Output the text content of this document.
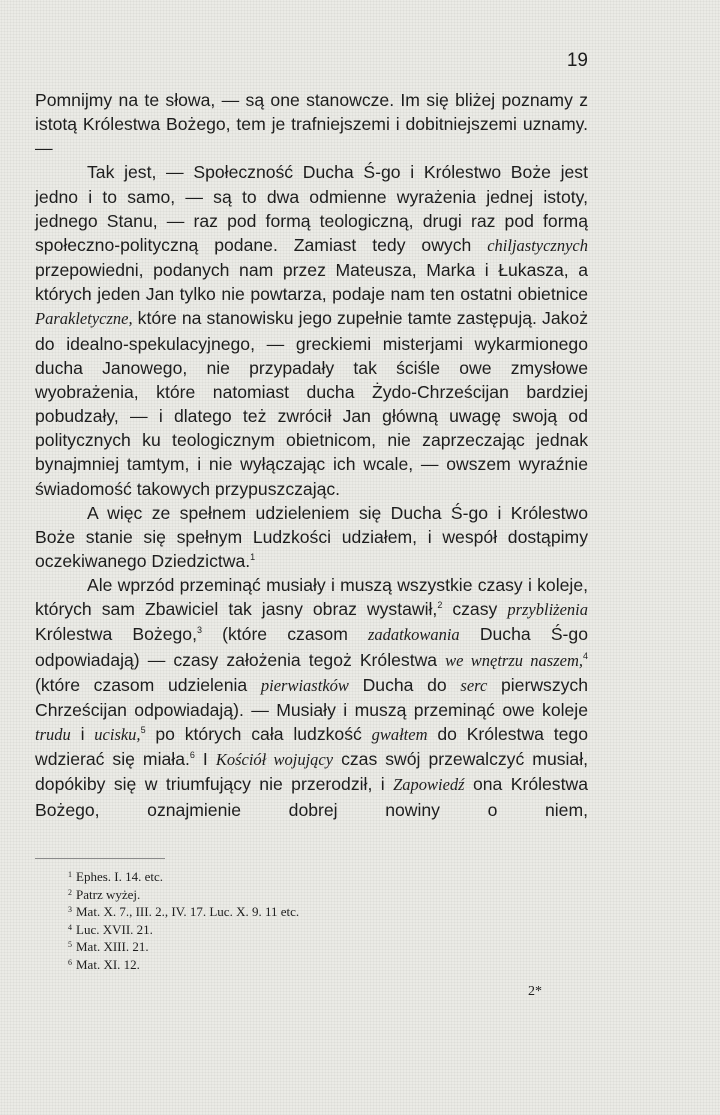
19

Pomnijmy na te słowa, — są one stanowcze. Im się bliżej poznamy z istotą Królestwa Bożego, tem je trafniejszemi i dobitniejszemi uznamy. —

Tak jest, — Społeczność Ducha Ś-go i Królestwo Boże jest jedno i to samo, — są to dwa odmienne wyrażenia jednej istoty, jednego Stanu, — raz pod formą teologiczną, drugi raz pod formą społeczno-polityczną podane. Zamiast tedy owych chiljastycznych przepowiedni, podanych nam przez Mateusza, Marka i Łukasza, a których jeden Jan tylko nie powtarza, podaje nam ten ostatni obietnice Parakletyczne, które na stanowisku jego zupełnie tamte zastępują. Jakoż do idealno-spekulacyjnego, — greckiemi misterjami wykarmionego ducha Janowego, nie przypadały tak ściśle owe zmysłowe wyobrażenia, które natomiast ducha Żydo-Chrześcijan bardziej pobudzały, — i dlatego też zwrócił Jan główną uwagę swoją od politycznych ku teologicznym obietnicom, nie zaprzeczając jednak bynajmniej tamtym, i nie wyłączając ich wcale, — owszem wyraźnie świadomość takowych przypuszczając.

A więc ze spełnem udzieleniem się Ducha Ś-go i Królestwo Boże stanie się spełnym Ludzkości udziałem, i wespół dostąpimy oczekiwanego Dziedzictwa.$^1$

Ale wprzód przeminąć musiały i muszą wszystkie czasy i koleje, których sam Zbawiciel tak jasny obraz wystawił,$^2$ czasy przybliżenia Królestwa Bożego,$^3$ (które czasom zadatkowania Ducha Ś-go odpowiadają) — czasy założenia tegoż Królestwa we wnętrzu naszem,$^4$ (które czasom udzielenia pierwiastków Ducha do serc pierwszych Chrześcijan odpowiadają). — Musiały i muszą przeminąć owe koleje trudu i ucisku,$^5$ po których cała ludzkość gwałtem do Królestwa tego wdzierać się miała.$^6$ I Kościół wojujący czas swój przewalczyć musiał, dopókiby się w triumfujący nie przerodził, i Zapowiedź ona Królestwa Bożego, oznajmienie dobrej nowiny o niem,

$^1$ Ephes. I. 14. etc.
$^2$ Patrz wyżej.
$^3$ Mat. X. 7., III. 2., IV. 17. Luc. X. 9. 11 etc.
$^4$ Luc. XVII. 21.
$^5$ Mat. XIII. 21.
$^6$ Mat. XI. 12.
2*
